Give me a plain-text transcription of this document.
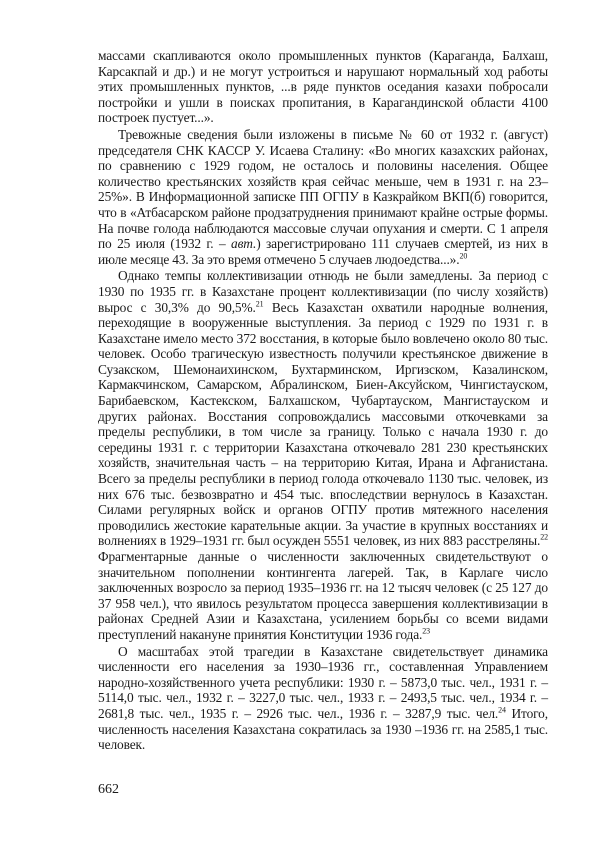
массами скапливаются около промышленных пунктов (Караганда, Балхаш, Карсакпай и др.) и не могут устроиться и нарушают нормальный ход работы этих промышленных пунктов, ...в ряде пунктов оседания казахи побросали постройки и ушли в поисках пропитания, в Карагандинской области 4100 построек пустует...».

Тревожные сведения были изложены в письме № 60 от 1932 г. (август) председателя СНК КАССР У. Исаева Сталину: «Во многих казахских районах, по сравнению с 1929 годом, не осталось и половины населения. Общее количество крестьянских хозяйств края сейчас меньше, чем в 1931 г. на 23–25%». В Информационной записке ПП ОГПУ в Казкрайком ВКП(б) говорится, что в «Атбасарском районе продзатруднения принимают крайне острые формы. На почве голода наблюдаются массовые случаи опухания и смерти. С 1 апреля по 25 июля (1932 г. – авт.) зарегистрировано 111 случаев смертей, из них в июле месяце 43. За это время отмечено 5 случаев людоедства...».$^{20}$

Однако темпы коллективизации отнюдь не были замедлены. За период с 1930 по 1935 гг. в Казахстане процент коллективизации (по числу хозяйств) вырос с 30,3% до 90,5%.$^{21}$ Весь Казахстан охватили народные волнения, переходящие в вооруженные выступления. За период с 1929 по 1931 г. в Казахстане имело место 372 восстания, в которые было вовлечено около 80 тыс. человек. Особо трагическую известность получили крестьянское движение в Сузакском, Шемонаихинском, Бухтарминском, Иргизском, Казалинском, Кармакчинском, Самарском, Абралинском, Биен-Аксуйском, Чингистауском, Барибаевском, Кастекском, Балхашском, Чубартауском, Мангистауском и других районах. Восстания сопровождались массовыми откочевками за пределы республики, в том числе за границу. Только с начала 1930 г. до середины 1931 г. с территории Казахстана откочевало 281 230 крестьянских хозяйств, значительная часть – на территорию Китая, Ирана и Афганистана. Всего за пределы республики в период голода откочевало 1130 тыс. человек, из них 676 тыс. безвозвратно и 454 тыс. впоследствии вернулось в Казахстан. Силами регулярных войск и органов ОГПУ против мятежного населения проводились жестокие карательные акции. За участие в крупных восстаниях и волнениях в 1929–1931 гг. был осужден 5551 человек, из них 883 расстреляны.$^{22}$ Фрагментарные данные о численности заключенных свидетельствуют о значительном пополнении контингента лагерей. Так, в Карлаге число заключенных возросло за период 1935–1936 гг. на 12 тысяч человек (с 25 127 до 37 958 чел.), что явилось результатом процесса завершения коллективизации в районах Средней Азии и Казахстана, усилением борьбы со всеми видами преступлений накануне принятия Конституции 1936 года.$^{23}$

О масштабах этой трагедии в Казахстане свидетельствует динамика численности его населения за 1930–1936 гг., составленная Управлением народно-хозяйственного учета республики: 1930 г. – 5873,0 тыс. чел., 1931 г. – 5114,0 тыс. чел., 1932 г. – 3227,0 тыс. чел., 1933 г. – 2493,5 тыс. чел., 1934 г. – 2681,8 тыс. чел., 1935 г. – 2926 тыс. чел., 1936 г. – 3287,9 тыс. чел.$^{24}$ Итого, численность населения Казахстана сократилась за 1930 –1936 гг. на 2585,1 тыс. человек.

662
